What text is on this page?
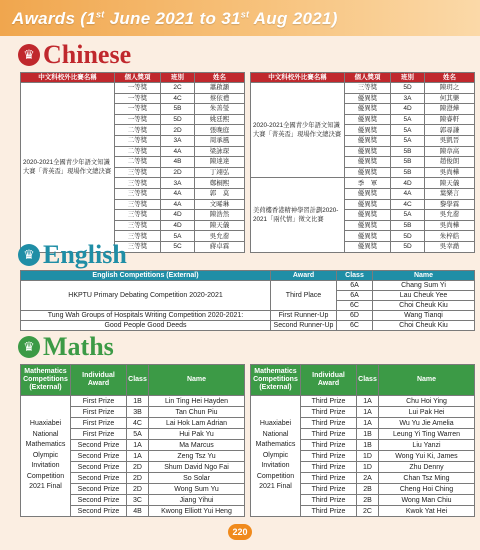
Awards (1st June 2021 to 31st Aug 2021)
♛ Chinese
中文科校外比賽名稱	個人獎項	班別	姓名
2020-2021全國青少年語文知識大賽「菁英盃」現場作文總決賽	一等獎	2C	蕭啟灝
	一等獎	4C	蔡依禮
	一等獎	5B	朱善瑩
	一等獎	5D	姚廷熙
	二等獎	2D	張晚庭
	二等獎	3A	周承風
	二等獎	4A	梁詠琛
	二等獎	4B	陳達達
	三等獎	2D	丁翊弘
	三等獎	3A	鄭桐熙
	三等獎	4A	郭　莫
	三等獎	4A	文晞琳
	三等獎	4D	陳浩然
	三等獎	4D	陳天儀
	三等獎	5A	吳允蕎
	三等獎	5C	蔣卓霖
中文科校外比賽名稱	個人獎項	班別	姓名
2020-2021全國青少年語文知識大賽「菁英盃」現場作文總決賽	三等獎	5D	陳玥之
	優異獎	3A	何其樂
	優異獎	4D	陳澄燁
	優異獎	5A	陳睿軒
	優異獎	5A	郭尋謙
	優異獎	5A	吳凱晉
	優異獎	5B	陳韋高
	優異獎	5B	趙俊朗
	優異獎	5B	吳尚樺
美荷樓香港精神學習計劃2020-2021「兩代情」徵文比賽	季　軍	4D	陳天儀
	優異獎	4A	葉樂言
	優異獎	4C	黎學霖
	優異獎	5A	吳允蕎
	優異獎	5B	吳尚樺
	優異獎	5D	朱梓皓
	優異獎	5D	吳幸澔
♛ English
English Competitions (External)	Award	Class	Name
HKPTU Primary Debating Competition 2020-2021	Third Place	6A	Chang Sum Yi
		6A	Lau Cheuk Yee
		6C	Choi Cheuk Kiu
Tung Wah Groups of Hospitals Writing Competition 2020-2021:	First Runner-Up	6D	Wang Tianqi
Good People Good Deeds	Second Runner-Up	6C	Choi Cheuk Kiu
♛ Maths
Mathematics Competitions (External)	Individual Award	Class	Name
Huaxiabei National Mathematics Olympic Invitation Competition 2021 Final	First Prize	1B	Lin Ting Hei Hayden
	First Prize	3B	Tan Chun Piu
	First Prize	4C	Lai Hok Lam Adrian
	First Prize	5A	Hui Pak Yu
	Second Prize	1A	Ma Marcus
	Second Prize	1A	Zeng Tsz Yu
	Second Prize	2D	Shum David Ngo Fai
	Second Prize	2D	So Solar
	Second Prize	2D	Wong Sum Yu
	Second Prize	3C	Jiang Yihui
	Second Prize	4B	Kwong Elliott Yui Heng
Mathematics Competitions (External)	Individual Award	Class	Name
Huaxiabei National Mathematics Olympic Invitation Competition 2021 Final	Third Prize	1A	Chu Hoi Ying
	Third Prize	1A	Lui Pak Hei
	Third Prize	1A	Wu Yu Jie Amelia
	Third Prize	1B	Leung Yi Ting Warren
	Third Prize	1B	Liu Yanzi
	Third Prize	1D	Wong Yui Ki, James
	Third Prize	1D	Zhu Denny
	Third Prize	2A	Chan Tsz Ming
	Third Prize	2B	Cheng Hoi Ching
	Third Prize	2B	Wong Man Chiu
	Third Prize	2C	Kwok Yat Hei
220
